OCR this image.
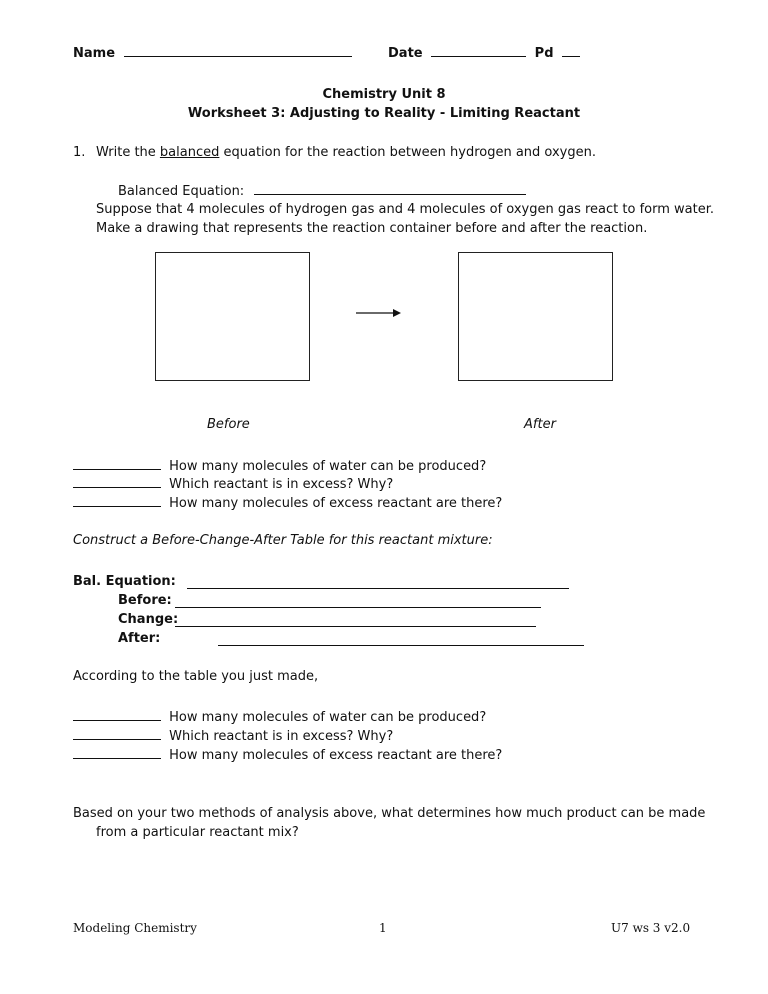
Name	Date	Pd
Chemistry Unit 8
Worksheet 3: Adjusting to Reality - Limiting Reactant
1. Write the balanced equation for the reaction between hydrogen and oxygen.
Balanced Equation:
Suppose that 4 molecules of hydrogen gas and 4 molecules of oxygen gas react to form water.
Make a drawing that represents the reaction container before and after the reaction.
Before	After
How many molecules of water can be produced?
Which reactant is in excess? Why?
How many molecules of excess reactant are there?
Construct a Before-Change-After Table for this reactant mixture:
Bal. Equation:
Before:
Change:
After:
According to the table you just made,
How many molecules of water can be produced?
Which reactant is in excess? Why?
How many molecules of excess reactant are there?
Based on your two methods of analysis above, what determines how much product can be made
from a particular reactant mix?
Modeling Chemistry	1	U7 ws 3 v2.0
